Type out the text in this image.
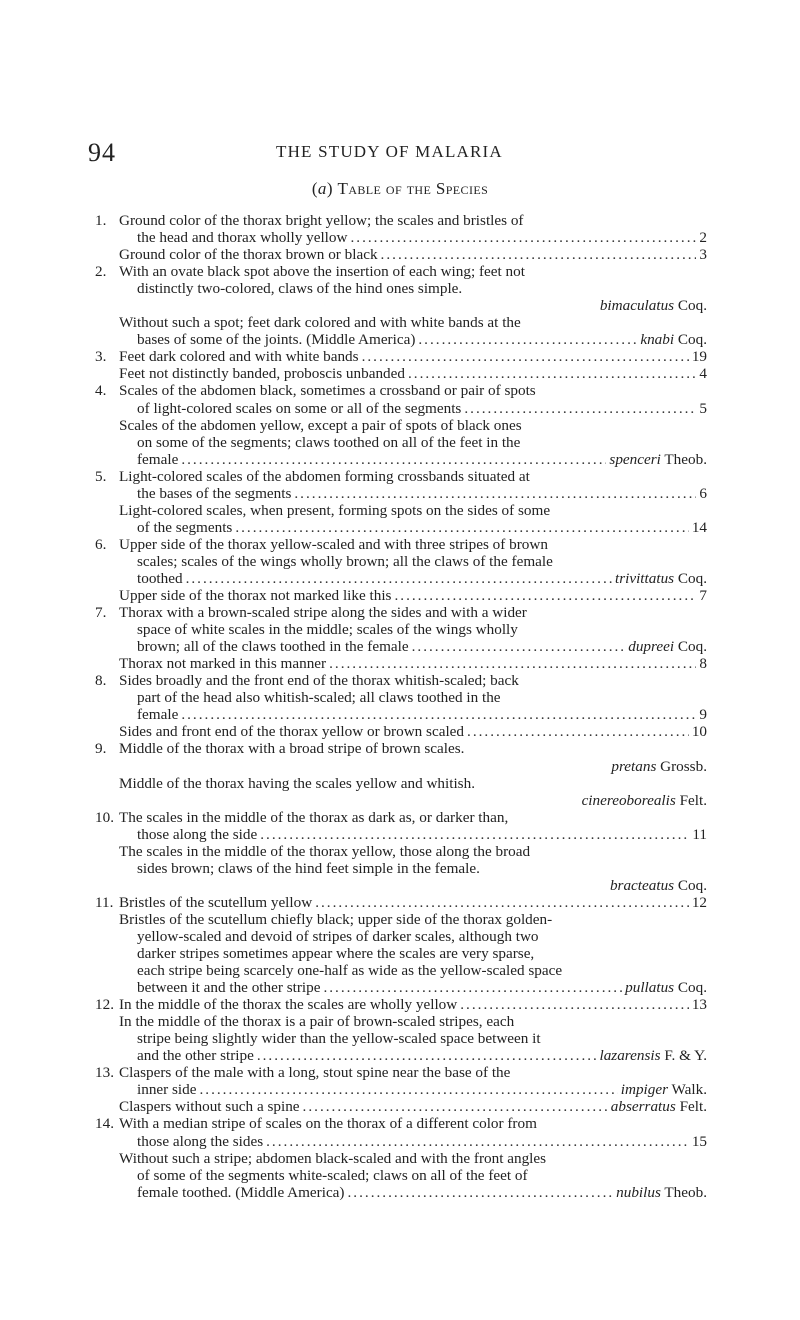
94	THE STUDY OF MALARIA
(a) Table of the Species
1. Ground color of the thorax bright yellow; the scales and bristles of
the head and thorax wholly yellow .....	2
Ground color of the thorax brown or black .....	3
2. With an ovate black spot above the insertion of each wing; feet not
distinctly two-colored, claws of the hind ones simple.
bimaculatus Coq.
Without such a spot; feet dark colored and with white bands at the
bases of some of the joints. (Middle America) .....	knabi Coq.
3. Feet dark colored and with white bands .....	19
Feet not distinctly banded, proboscis unbanded .....	4
4. Scales of the abdomen black, sometimes a crossband or pair of spots
of light-colored scales on some or all of the segments .....	5
Scales of the abdomen yellow, except a pair of spots of black ones
on some of the segments; claws toothed on all of the feet in the
female .....	spenceri Theob.
5. Light-colored scales of the abdomen forming crossbands situated at
the bases of the segments .....	6
Light-colored scales, when present, forming spots on the sides of some
of the segments .....	14
6. Upper side of the thorax yellow-scaled and with three stripes of brown
scales; scales of the wings wholly brown; all the claws of the female
toothed .....	trivittatus Coq.
Upper side of the thorax not marked like this .....	7
7. Thorax with a brown-scaled stripe along the sides and with a wider
space of white scales in the middle; scales of the wings wholly
brown; all of the claws toothed in the female .....	dupreei Coq.
Thorax not marked in this manner .....	8
8. Sides broadly and the front end of the thorax whitish-scaled; back
part of the head also whitish-scaled; all claws toothed in the
female .....	9
Sides and front end of the thorax yellow or brown scaled .....	10
9. Middle of the thorax with a broad stripe of brown scales.
pretans Grossb.
Middle of the thorax having the scales yellow and whitish.
cinereoborealis Felt.
10. The scales in the middle of the thorax as dark as, or darker than,
those along the side .....	11
The scales in the middle of the thorax yellow, those along the broad
sides brown; claws of the hind feet simple in the female.
bracteatus Coq.
11. Bristles of the scutellum yellow .....	12
Bristles of the scutellum chiefly black; upper side of the thorax golden-
yellow-scaled and devoid of stripes of darker scales, although two
darker stripes sometimes appear where the scales are very sparse,
each stripe being scarcely one-half as wide as the yellow-scaled space
between it and the other stripe .....	pullatus Coq.
12. In the middle of the thorax the scales are wholly yellow .....	13
In the middle of the thorax is a pair of brown-scaled stripes, each
stripe being slightly wider than the yellow-scaled space between it
and the other stripe .....	lazarensis F. & Y.
13. Claspers of the male with a long, stout spine near the base of the
inner side .....	impiger Walk.
Claspers without such a spine .....	abserratus Felt.
14. With a median stripe of scales on the thorax of a different color from
those along the sides .....	15
Without such a stripe; abdomen black-scaled and with the front angles
of some of the segments white-scaled; claws on all of the feet of
female toothed. (Middle America) .....	nubilus Theob.
